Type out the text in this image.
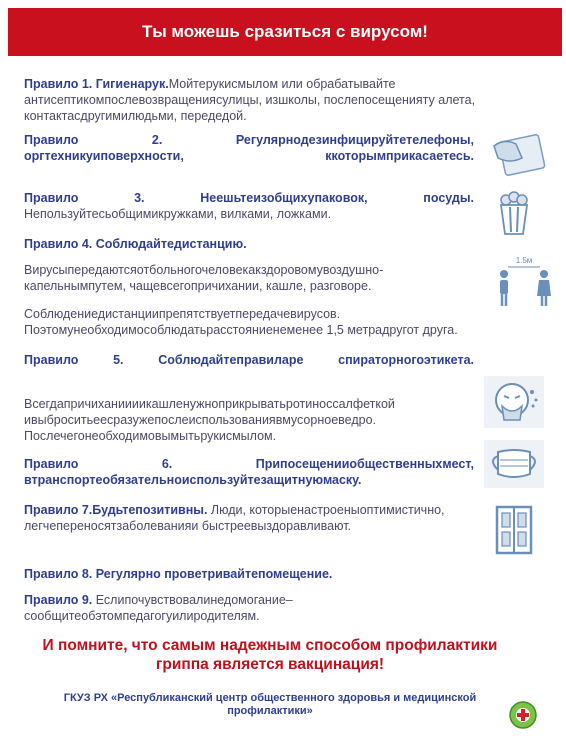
Ты можешь сразиться с вирусом!
Правило 1. Гигиенарук.Мойтерукисмылом или обрабатывайте антисептикомпослевозвращениясулицы, изшколы, послепосещенияту алета, контактасдругимилюдьми, передедой.
Правило 2. Регулярнодезинфицируйтетелефоны, оргтехникуиповерхности, ккоторымприкасаетесь.
Правило 3. Неешьтеизобщихупаковок, посуды.
Непользуйтесьобщимикружками, вилками, ложками.
Правило 4. Соблюдайтедистанцию.
Вирусыпередаютсяотбольногочеловекакздоровомувоздушно-капельнымпутем, чащевсегопричихании, кашле, разговоре.
Соблюдениедистанциипрепятствуетпередачевирусов. Поэтомунеобходимособлюдатьрасстояниенеменее 1,5 метрадругот друга.
Правило 5. Соблюдайтеправиларе спираторногоэтикета.
Всегдапричиханиииикашленужноприкрыватьротиноссалфеткой ивыброситьеесразужепослеиспользованиявмусорноеведро. Послечегонеобходимовымытьрукисмылом.
Правило 6. Припосещенииобщественныхмест, втранспортеобязательноиспользуйтезащитнуюмаску.
Правило 7.Будьтепозитивны. Люди, которыенастроеныоптимистично, легчепереносятзаболеванияи быстреевыздоравливают.
Правило 8. Регулярно проветривайтепомещение.
Правило 9. Еслипочувствовалинедомогание– сообщитеобэтомпедагогуилиродителям.
1.5м
И помните, что самым надежным способом профилактики гриппа является вакцинация!
ГКУЗ РХ «Республиканский центр общественного здоровья и медицинской профилактики»
